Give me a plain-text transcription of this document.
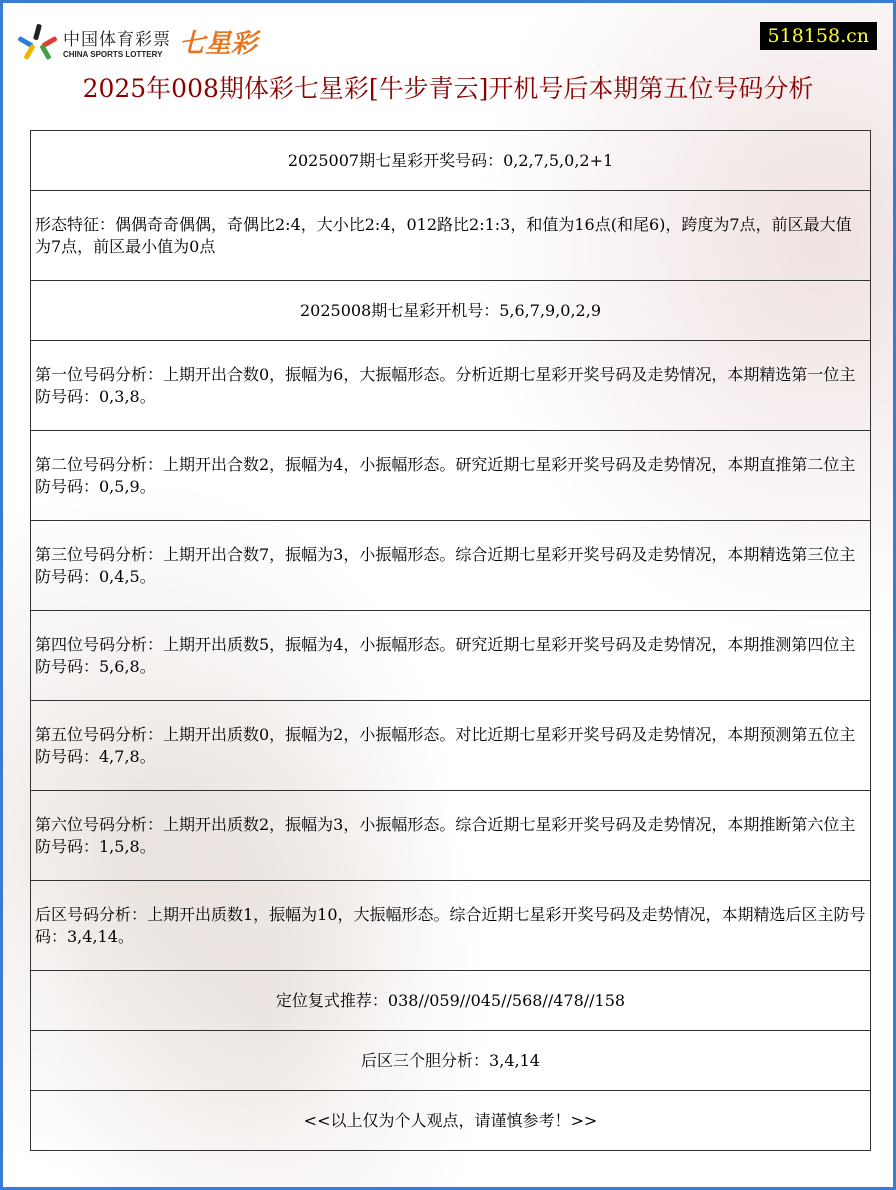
中国体育彩票
CHINA SPORTS LOTTERY 七星彩	518158.cn
2025年008期体彩七星彩[牛步青云]开机号后本期第五位号码分析
2025007期七星彩开奖号码：0,2,7,5,0,2+1
形态特征：偶偶奇奇偶偶，奇偶比2:4，大小比2:4，012路比2:1:3，和值为16点(和尾6)，跨度为7点，前区最大值为7点，前区最小值为0点
2025008期七星彩开机号：5,6,7,9,0,2,9
第一位号码分析：上期开出合数0，振幅为6，大振幅形态。分析近期七星彩开奖号码及走势情况，本期精选第一位主防号码：0,3,8。
第二位号码分析：上期开出合数2，振幅为4，小振幅形态。研究近期七星彩开奖号码及走势情况，本期直推第二位主防号码：0,5,9。
第三位号码分析：上期开出合数7，振幅为3，小振幅形态。综合近期七星彩开奖号码及走势情况，本期精选第三位主防号码：0,4,5。
第四位号码分析：上期开出质数5，振幅为4，小振幅形态。研究近期七星彩开奖号码及走势情况，本期推测第四位主防号码：5,6,8。
第五位号码分析：上期开出质数0，振幅为2，小振幅形态。对比近期七星彩开奖号码及走势情况，本期预测第五位主防号码：4,7,8。
第六位号码分析：上期开出质数2，振幅为3，小振幅形态。综合近期七星彩开奖号码及走势情况，本期推断第六位主防号码：1,5,8。
后区号码分析：上期开出质数1，振幅为10，大振幅形态。综合近期七星彩开奖号码及走势情况，本期精选后区主防号码：3,4,14。
定位复式推荐：038//059//045//568//478//158
后区三个胆分析：3,4,14
<<以上仅为个人观点，请谨慎参考！>>
